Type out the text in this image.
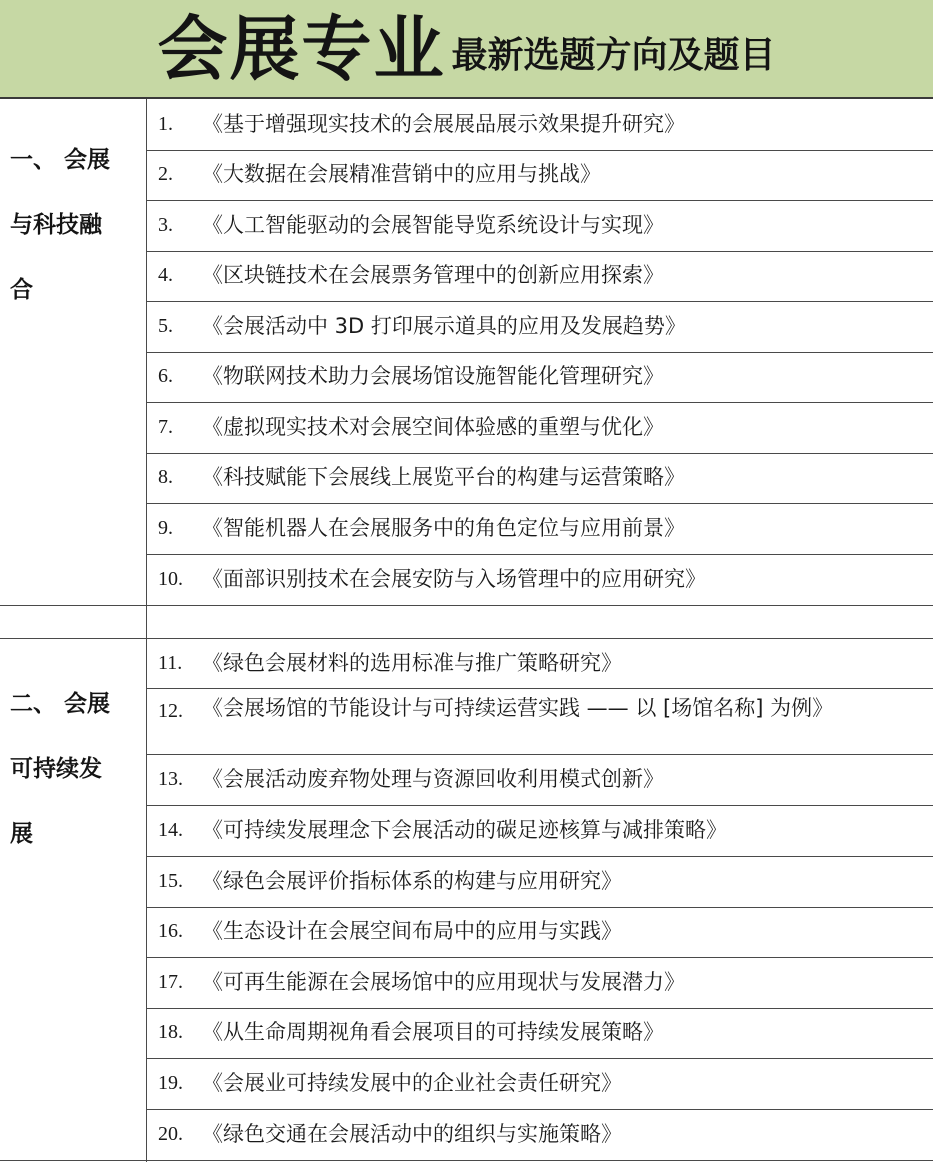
会展专业 最新选题方向及题目
一、 会展
与科技融
合
1. 《基于增强现实技术的会展展品展示效果提升研究》
2. 《大数据在会展精准营销中的应用与挑战》
3. 《人工智能驱动的会展智能导览系统设计与实现》
4. 《区块链技术在会展票务管理中的创新应用探索》
5. 《会展活动中 3D 打印展示道具的应用及发展趋势》
6. 《物联网技术助力会展场馆设施智能化管理研究》
7. 《虚拟现实技术对会展空间体验感的重塑与优化》
8. 《科技赋能下会展线上展览平台的构建与运营策略》
9. 《智能机器人在会展服务中的角色定位与应用前景》
10. 《面部识别技术在会展安防与入场管理中的应用研究》
二、 会展
可持续发
展
11. 《绿色会展材料的选用标准与推广策略研究》
12. 《会展场馆的节能设计与可持续运营实践 —— 以 [场馆名称] 为例》
13. 《会展活动废弃物处理与资源回收利用模式创新》
14. 《可持续发展理念下会展活动的碳足迹核算与减排策略》
15. 《绿色会展评价指标体系的构建与应用研究》
16. 《生态设计在会展空间布局中的应用与实践》
17. 《可再生能源在会展场馆中的应用现状与发展潜力》
18. 《从生命周期视角看会展项目的可持续发展策略》
19. 《会展业可持续发展中的企业社会责任研究》
20. 《绿色交通在会展活动中的组织与实施策略》
